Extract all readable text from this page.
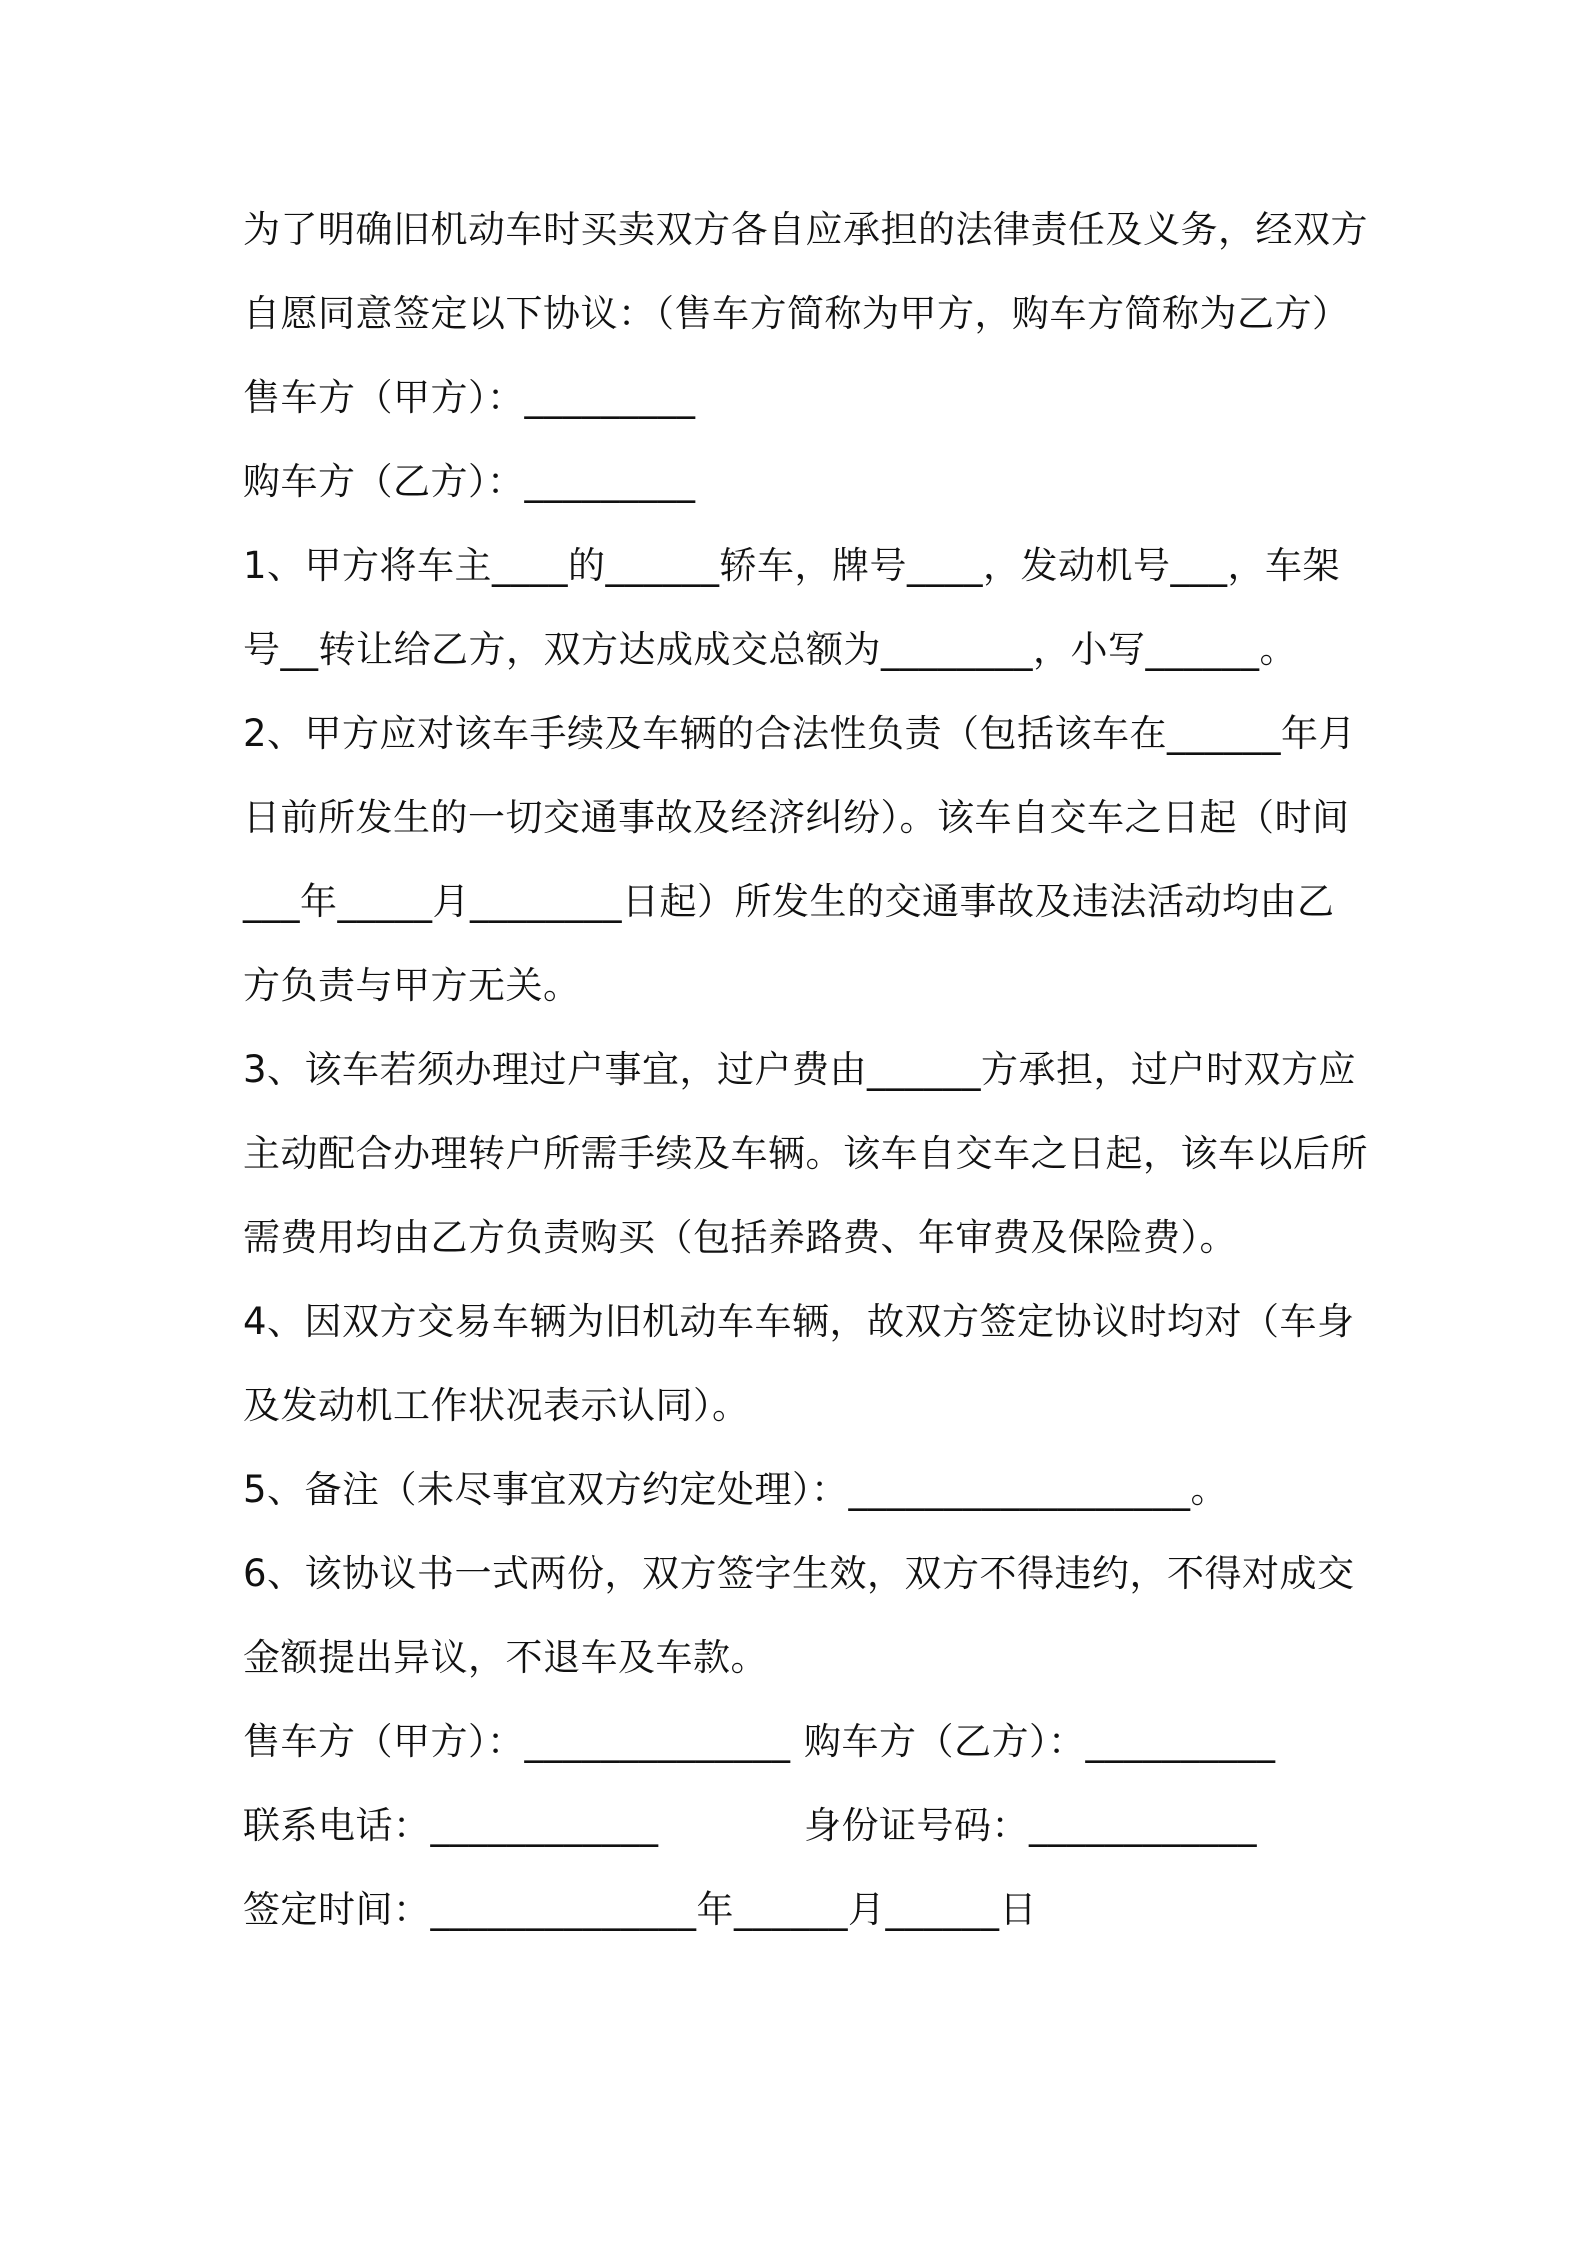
为了明确旧机动车时买卖双方各自应承担的法律责任及义务，经双方
自愿同意签定以下协议：（售车方简称为甲方，购车方简称为乙方）
售车方（甲方）：_________
购车方（乙方）：_________
1、甲方将车主____的______轿车，牌号____，发动机号___，车架
号__转让给乙方，双方达成成交总额为________，小写______。
2、甲方应对该车手续及车辆的合法性负责（包括该车在______年月
日前所发生的一切交通事故及经济纠纷）。该车自交车之日起（时间
___年_____月________日起）所发生的交通事故及违法活动均由乙
方负责与甲方无关。
3、该车若须办理过户事宜，过户费由______方承担，过户时双方应
主动配合办理转户所需手续及车辆。该车自交车之日起，该车以后所
需费用均由乙方负责购买（包括养路费、年审费及保险费）。
4、因双方交易车辆为旧机动车车辆，故双方签定协议时均对（车身
及发动机工作状况表示认同）。
5、备注（未尽事宜双方约定处理）：__________________。
6、该协议书一式两份，双方签字生效，双方不得违约，不得对成交
金额提出异议，不退车及车款。
售车方（甲方）：______________ 购车方（乙方）：__________
联系电话：____________	身份证号码：____________
签定时间：______________年______月______日
